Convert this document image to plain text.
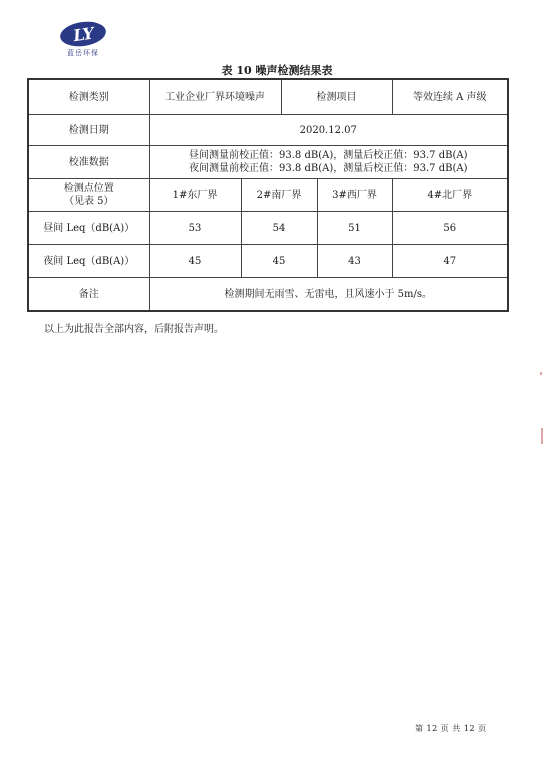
LY
蓝岳环保
表 10 噪声检测结果表
检测类别	工业企业厂界环境噪声		检测项目		等效连续 A 声级
检测日期	2020.12.07				
校准数据	昼间测量前校正值：93.8 dB(A)，测量后校正值：93.7 dB(A)
夜间测量前校正值：93.8 dB(A)，测量后校正值：93.7 dB(A)				

检测点位置
（见表 5）	1#东厂界	2#南厂界		3#西厂界	4#北厂界
昼间 Leq（dB(A)）	53	54		51	56
夜间 Leq（dB(A)）	45	45		43	47
备注	检测期间无雨雪、无雷电，且风速小于 5m/s。				
以上为此报告全部内容，后附报告声明。
第 12 页 共 12 页
